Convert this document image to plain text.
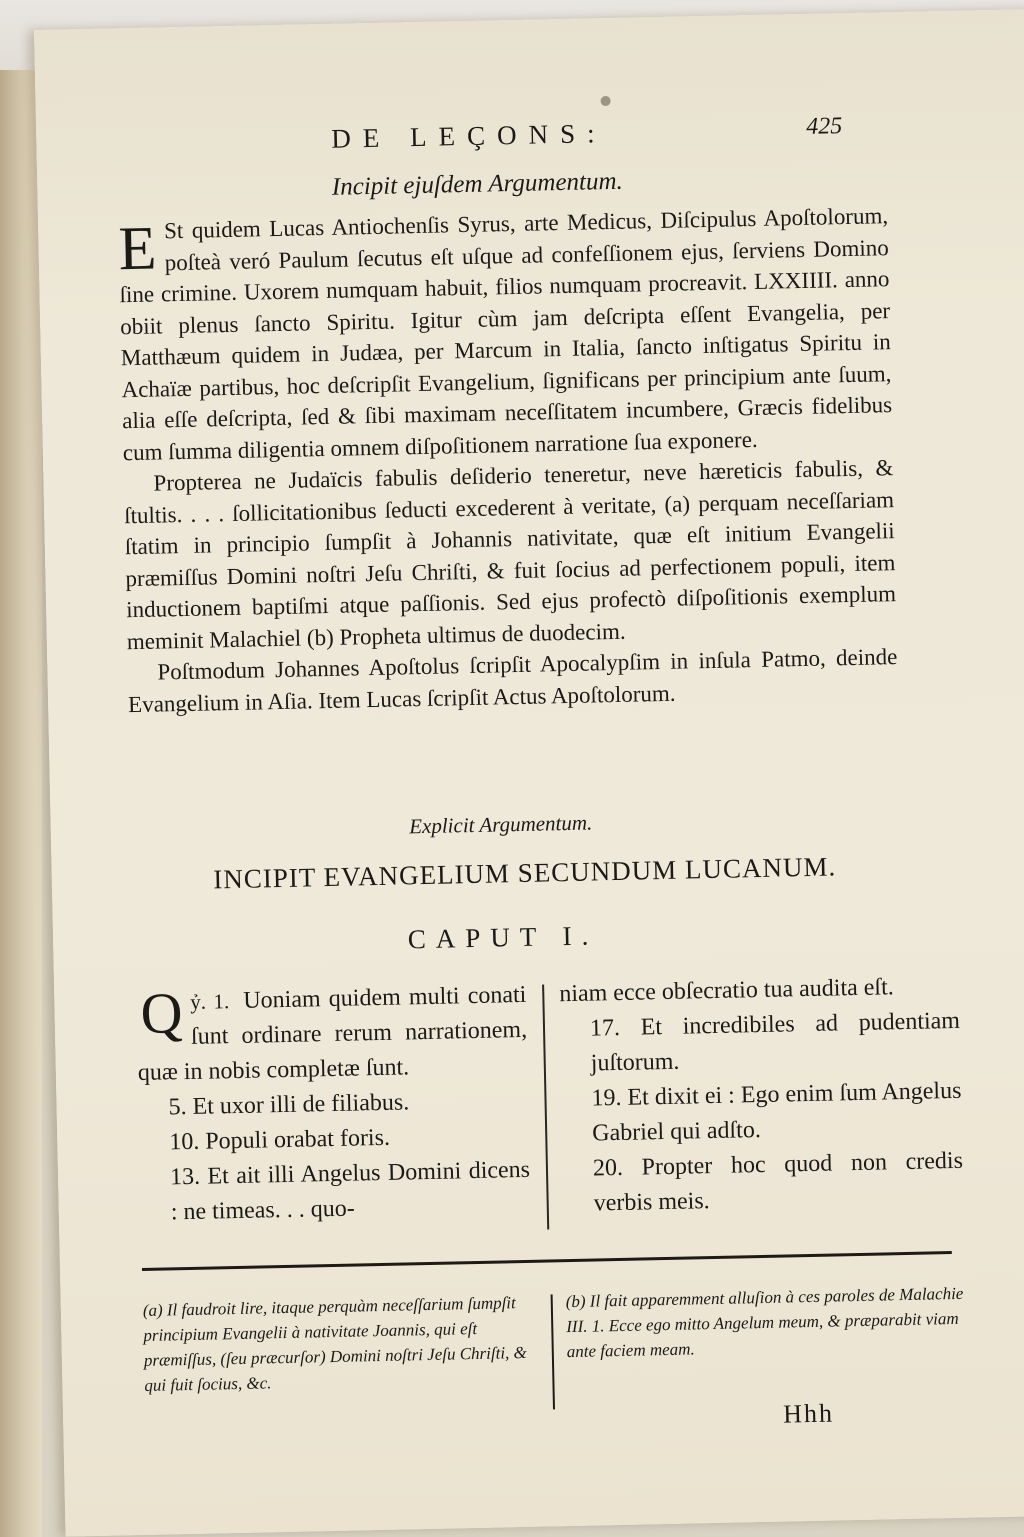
DE LEÇONS:	425
Incipit ejuſdem Argumentum.

E St quidem Lucas Antiochenſis Syrus, arte Medicus, Diſcipulus Apoſtolorum, poſteà veró Paulum ſecutus eſt uſque ad confeſſionem ejus, ſerviens Domino ſine crimine. Uxorem numquam habuit, filios numquam procreavit. LXXIIII. anno obiit plenus ſancto Spiritu. Igitur cùm jam deſcripta eſſent Evangelia, per Matthæum quidem in Judæa, per Marcum in Italia, ſancto inſtigatus Spiritu in Achaïæ partibus, hoc deſcripſit Evangelium, ſignificans per principium ante ſuum, alia eſſe deſcripta, ſed & ſibi maximam neceſſitatem incumbere, Græcis fidelibus cum ſumma diligentia omnem diſpoſitionem narratione ſua exponere.

Propterea ne Judaïcis fabulis deſiderio teneretur, neve hæreticis fabulis, & ſtultis. . . . ſollicitationibus ſeducti excederent à veritate, (a) perquam neceſſariam ſtatim in principio ſumpſit à Johannis nativitate, quæ eſt initium Evangelii præmiſſus Domini noſtri Jeſu Chriſti, & fuit ſocius ad perfectionem populi, item inductionem baptiſmi atque paſſionis. Sed ejus profectò diſpoſitionis exemplum meminit Malachiel (b) Propheta ultimus de duodecim.

Poſtmodum Johannes Apoſtolus ſcripſit Apocalypſim in inſula Patmo, deinde Evangelium in Aſia. Item Lucas ſcripſit Actus Apoſtolorum.

Explicit Argumentum.
INCIPIT EVANGELIUM SECUNDUM LUCANUM.
CAPUT I.

ỷ. 1.
Q Uoniam quidem multi conati ſunt ordinare rerum narrationem, quæ in nobis completæ ſunt.

5. Et uxor illi de filiabus.

10. Populi orabat foris.

13. Et ait illi Angelus Domini dicens : ne timeas. . . quo-

niam ecce obſecratio tua audita eſt.

17. Et incredibiles ad pudentiam juſtorum.

19. Et dixit ei : Ego enim ſum Angelus Gabriel qui adſto.

20. Propter hoc quod non credis verbis meis.

(a) Il faudroit lire, itaque perquàm neceſſarium ſumpſit principium Evangelii à nativitate Joannis, qui eſt præmiſſus, (ſeu præcurſor) Domini noſtri Jeſu Chriſti, & qui fuit ſocius, &c.
(b) Il fait apparemment alluſion à ces paroles de Malachie III. 1. Ecce ego mitto Angelum meum, & præparabit viam ante faciem meam.
Hhh
